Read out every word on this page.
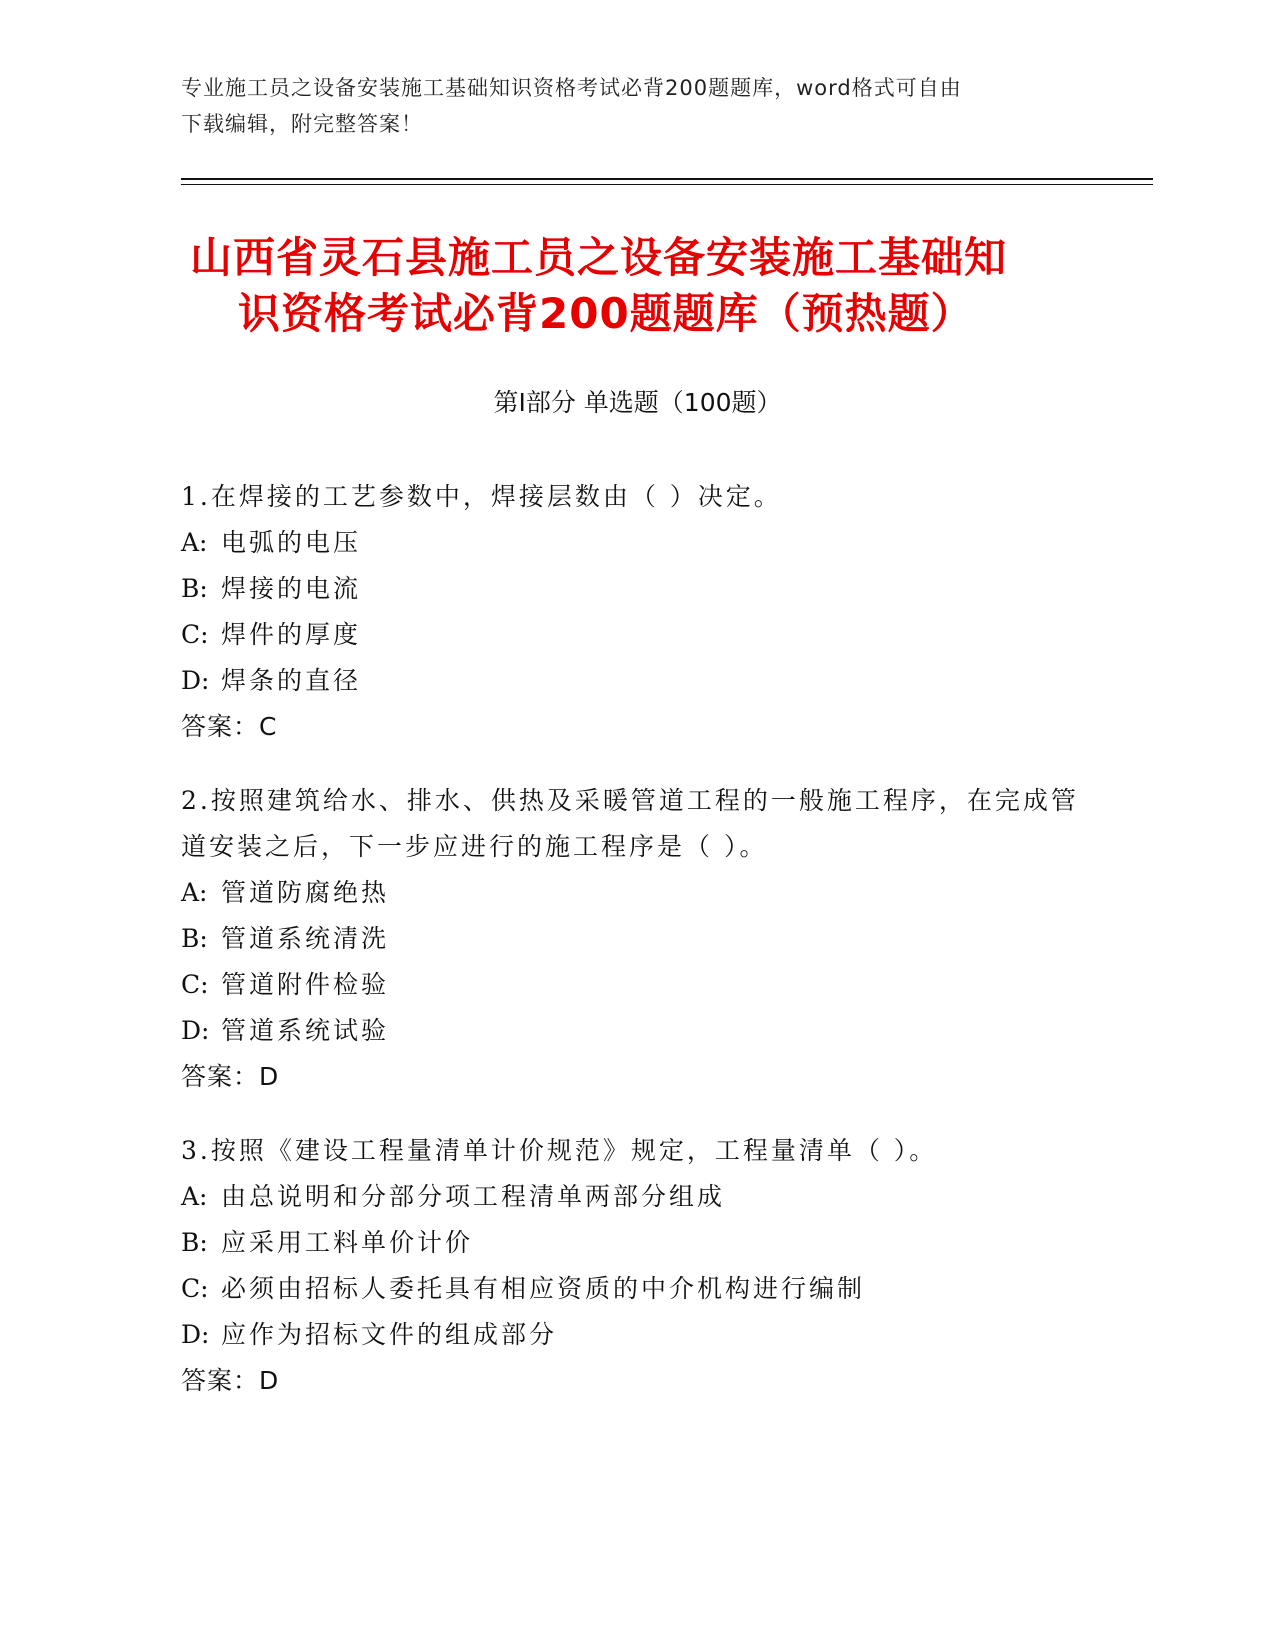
专业施工员之设备安装施工基础知识资格考试必背200题题库，word格式可自由
下载编辑，附完整答案！
山西省灵石县施工员之设备安装施工基础知
识资格考试必背200题题库（预热题）
第Ⅰ部分 单选题（100题）
1.在焊接的工艺参数中，焊接层数由（ ）决定。
A: 电弧的电压
B: 焊接的电流
C: 焊件的厚度
D: 焊条的直径
答案：C
2.按照建筑给水、排水、供热及采暖管道工程的一般施工程序，在完成管道安装之后，下一步应进行的施工程序是（ ）。
A: 管道防腐绝热
B: 管道系统清洗
C: 管道附件检验
D: 管道系统试验
答案：D
3.按照《建设工程量清单计价规范》规定，工程量清单（ ）。
A: 由总说明和分部分项工程清单两部分组成
B: 应采用工料单价计价
C: 必须由招标人委托具有相应资质的中介机构进行编制
D: 应作为招标文件的组成部分
答案：D
